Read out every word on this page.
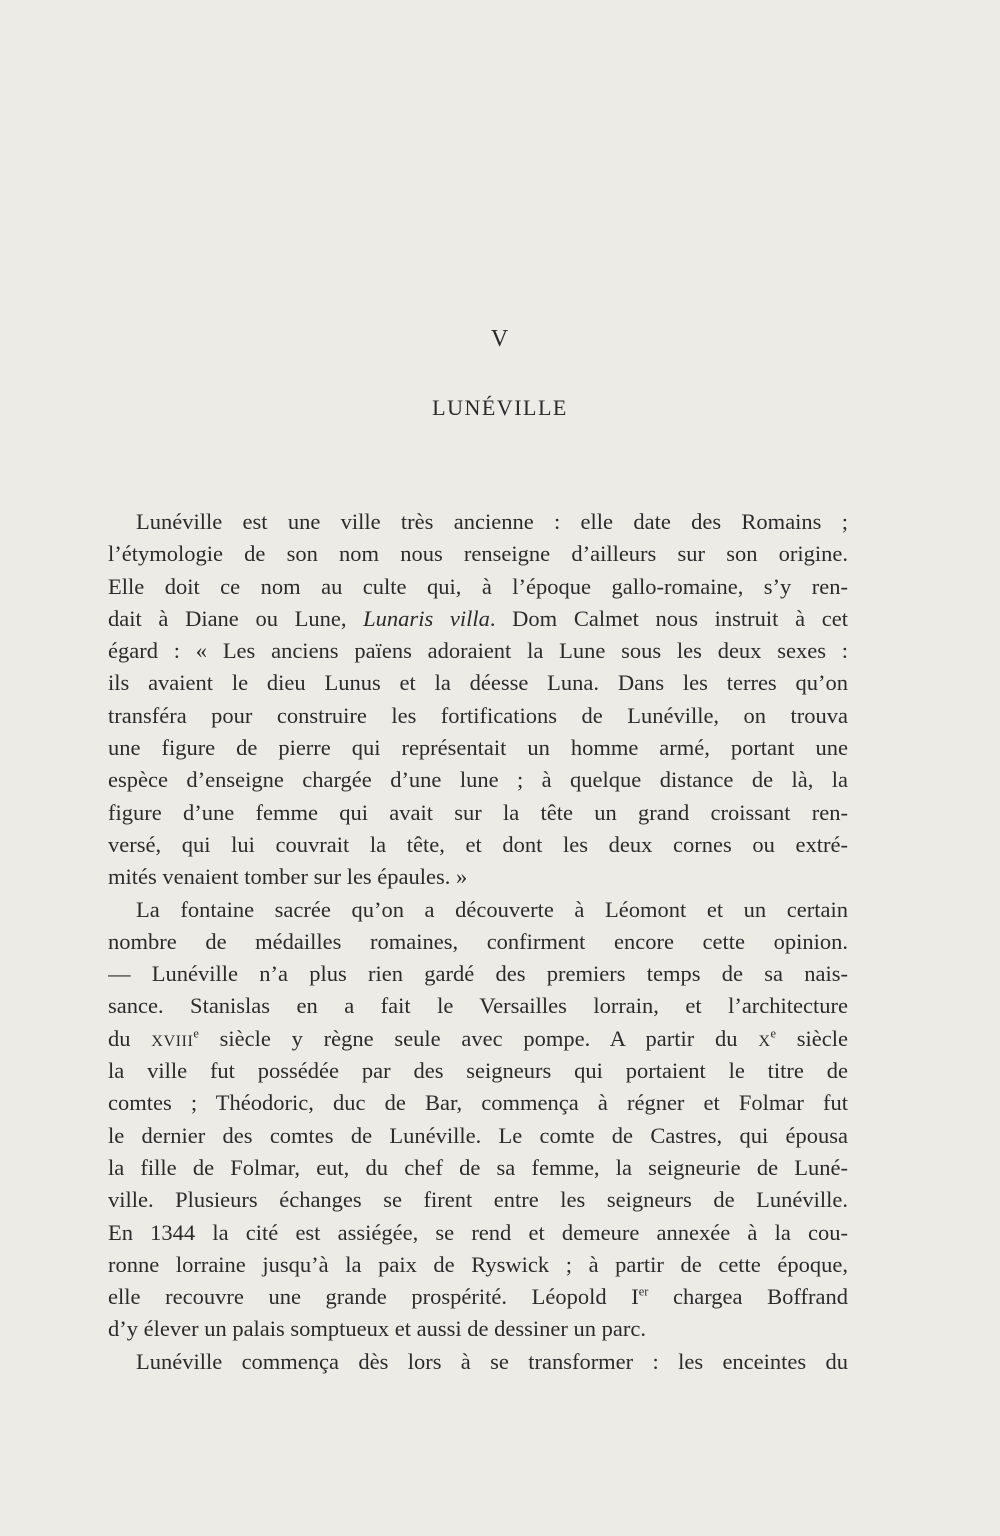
V
LUNÉVILLE
Lunéville est une ville très ancienne : elle date des Romains ;
l’étymologie de son nom nous renseigne d’ailleurs sur son origine.
Elle doit ce nom au culte qui, à l’époque gallo-romaine, s’y ren-
dait à Diane ou Lune, Lunaris villa. Dom Calmet nous instruit à cet
égard : « Les anciens païens adoraient la Lune sous les deux sexes :
ils avaient le dieu Lunus et la déesse Luna. Dans les terres qu’on
transféra pour construire les fortifications de Lunéville, on trouva
une figure de pierre qui représentait un homme armé, portant une
espèce d’enseigne chargée d’une lune ; à quelque distance de là, la
figure d’une femme qui avait sur la tête un grand croissant ren-
versé, qui lui couvrait la tête, et dont les deux cornes ou extré-
mités venaient tomber sur les épaules. »
La fontaine sacrée qu’on a découverte à Léomont et un certain
nombre de médailles romaines, confirment encore cette opinion.
— Lunéville n’a plus rien gardé des premiers temps de sa nais-
sance. Stanislas en a fait le Versailles lorrain, et l’architecture
du XVIIIe siècle y règne seule avec pompe. A partir du Xe siècle
la ville fut possédée par des seigneurs qui portaient le titre de
comtes ; Théodoric, duc de Bar, commença à régner et Folmar fut
le dernier des comtes de Lunéville. Le comte de Castres, qui épousa
la fille de Folmar, eut, du chef de sa femme, la seigneurie de Luné-
ville. Plusieurs échanges se firent entre les seigneurs de Lunéville.
En 1344 la cité est assiégée, se rend et demeure annexée à la cou-
ronne lorraine jusqu’à la paix de Ryswick ; à partir de cette époque,
elle recouvre une grande prospérité. Léopold Ier chargea Boffrand
d’y élever un palais somptueux et aussi de dessiner un parc.
Lunéville commença dès lors à se transformer : les enceintes du
